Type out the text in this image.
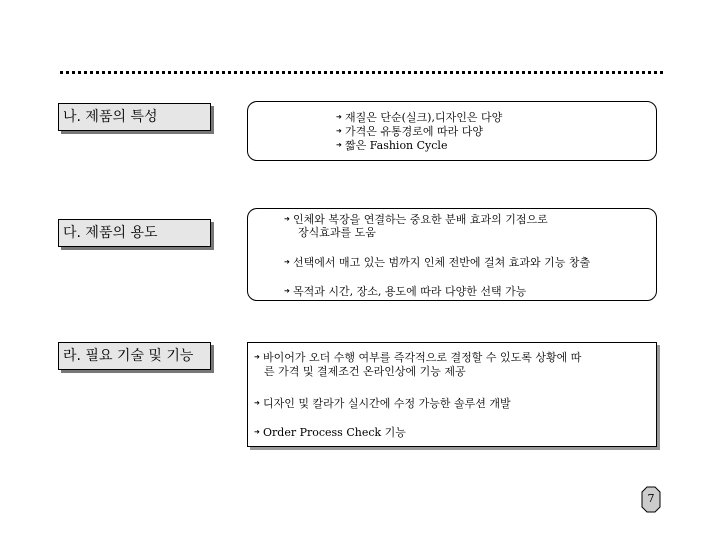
나. 제품의 특성	➜ 재질은 단순(실크),디자인은 다양
➜ 가격은 유통경로에 따라 다양
➜ 짧은 Fashion Cycle
다. 제품의 용도
➜ 인체와 복장을 연결하는 중요한 분배 효과의 기점으로
장식효과를 도움
➜ 선택에서 매고 있는 범까지 인체 전반에 걸쳐 효과와 기능 창출
➜ 목적과 시간, 장소, 용도에 따라 다양한 선택 가능
라. 필요 기술 및 기능	➜ 바이어가 오더 수행 여부를 즉각적으로 결정할 수 있도록 상황에 따
른 가격 및 결제조건 온라인상에 기능 제공
➜ 디자인 및 칼라가 실시간에 수정 가능한 솔루션 개발
➜ Order Process Check 기능
7
